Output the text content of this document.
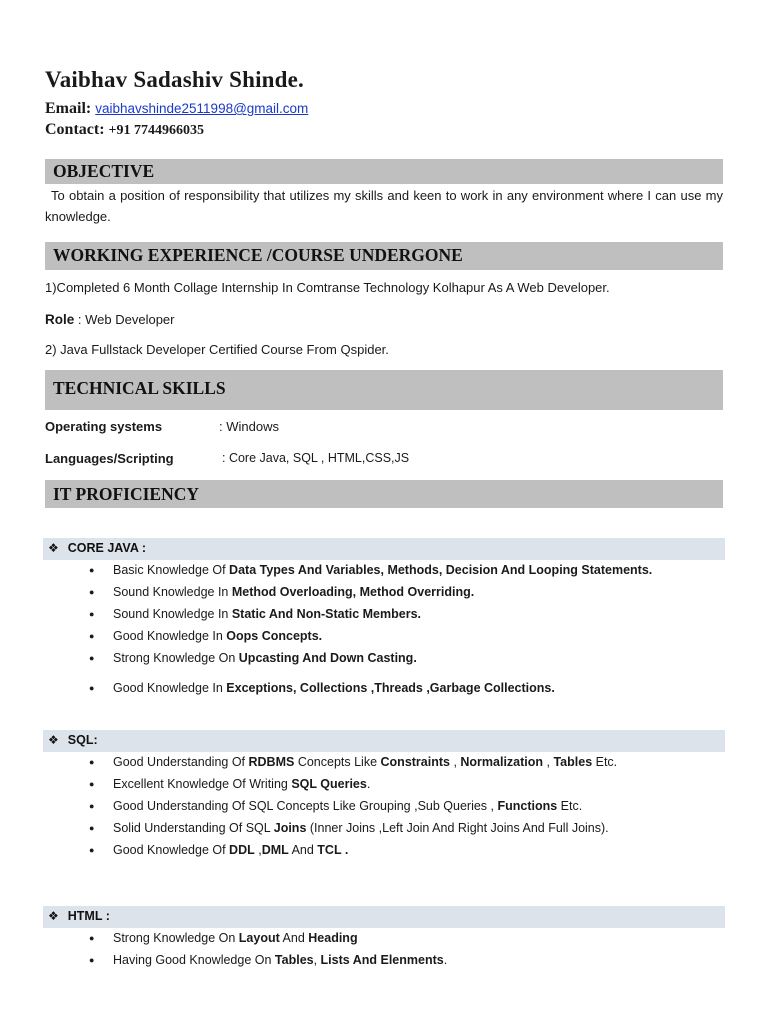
Vaibhav Sadashiv Shinde.
Email: vaibhavshinde2511998@gmail.com
Contact: +91 7744966035
OBJECTIVE
To obtain a position of responsibility that utilizes my skills and keen to work in any environment where I can use my knowledge.
WORKING EXPERIENCE /COURSE UNDERGONE
1)Completed 6 Month Collage Internship In Comtranse Technology Kolhapur As A Web Developer.
Role : Web Developer
2) Java Fullstack Developer Certified Course From Qspider.
TECHNICAL SKILLS
Operating systems	: Windows
Languages/Scripting	: Core Java, SQL , HTML,CSS,JS
IT PROFICIENCY
❖ CORE JAVA :
● Basic Knowledge Of Data Types And Variables, Methods, Decision And Looping Statements.
● Sound Knowledge In Method Overloading, Method Overriding.
● Sound Knowledge In Static And Non-Static Members.
● Good Knowledge In Oops Concepts.
● Strong Knowledge On Upcasting And Down Casting.
● Good Knowledge In Exceptions, Collections ,Threads ,Garbage Collections.
❖ SQL:
● Good Understanding Of RDBMS Concepts Like Constraints , Normalization , Tables Etc.
● Excellent Knowledge Of Writing SQL Queries.
● Good Understanding Of SQL Concepts Like Grouping ,Sub Queries , Functions Etc.
● Solid Understanding Of SQL Joins (Inner Joins ,Left Join And Right Joins And Full Joins).
● Good Knowledge Of DDL ,DML And TCL .
❖ HTML :
● Strong Knowledge On Layout And Heading
● Having Good Knowledge On Tables, Lists And Elenments.
